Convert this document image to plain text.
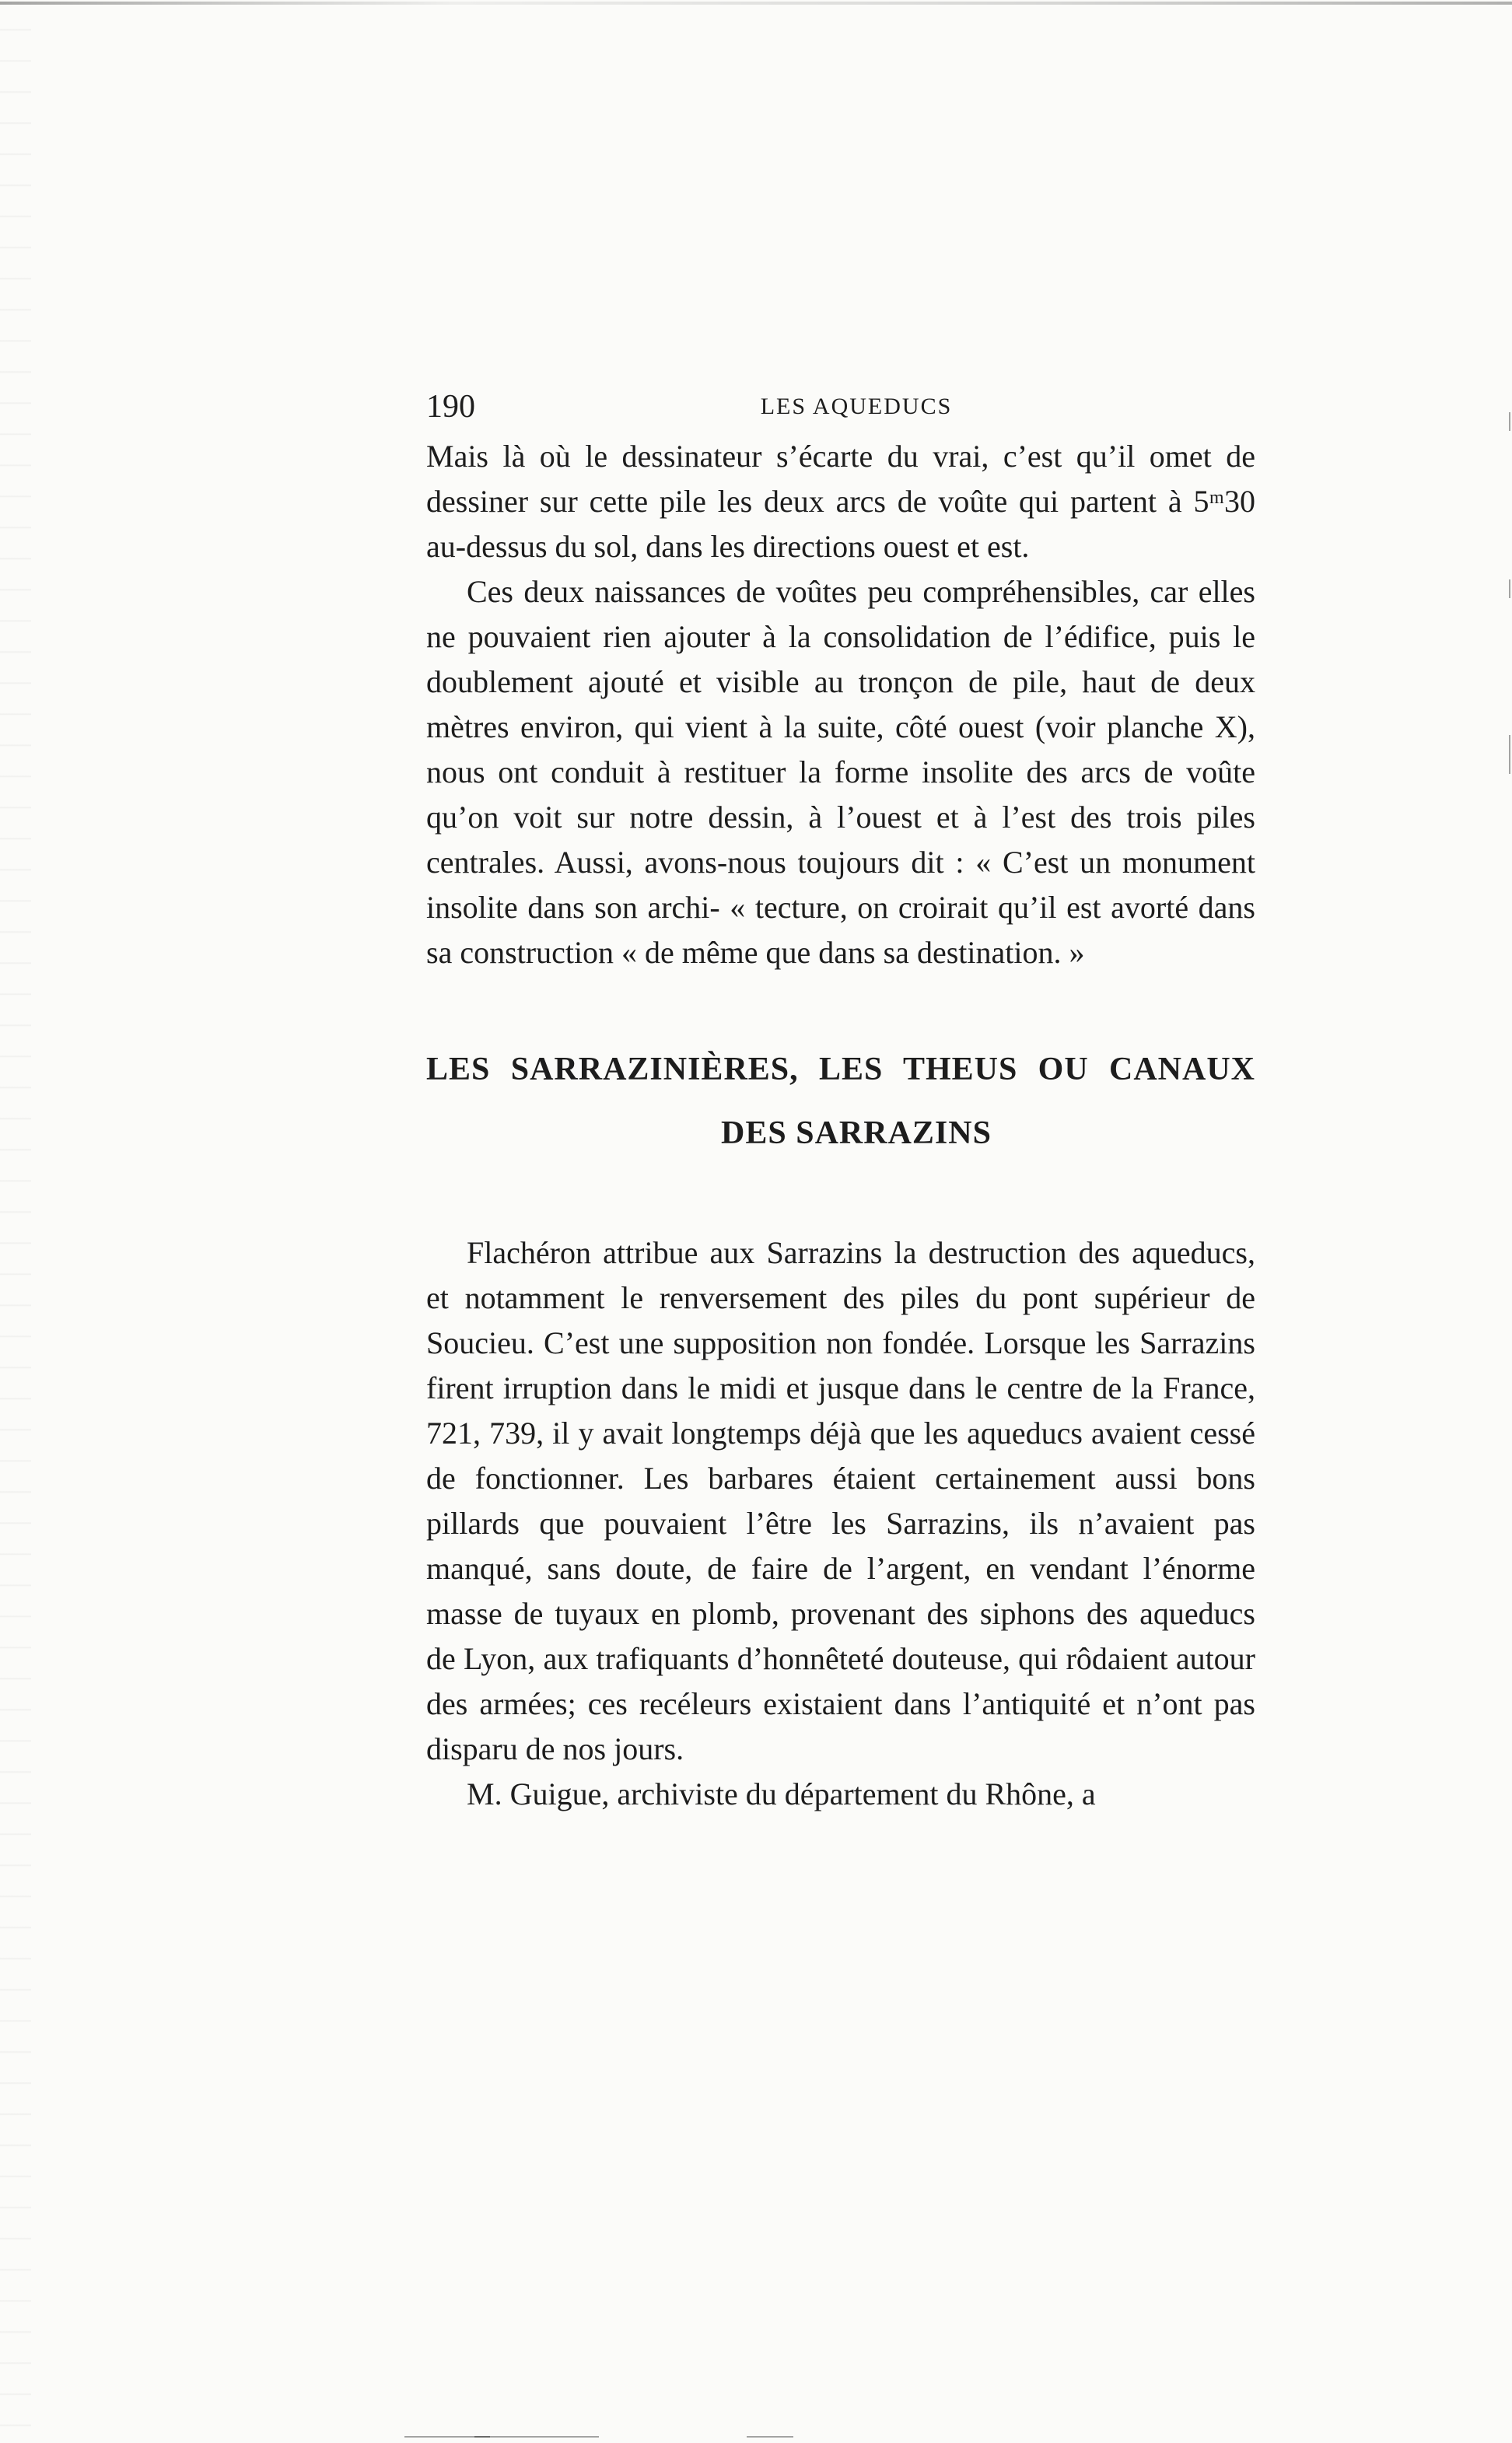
190	LES AQUEDUCS

Mais là où le dessinateur s’écarte du vrai, c’est qu’il omet de dessiner sur cette pile les deux arcs de voûte qui partent à 5ᵐ30 au-dessus du sol, dans les directions ouest et est.

Ces deux naissances de voûtes peu compréhensibles, car elles ne pouvaient rien ajouter à la consolidation de l’édifice, puis le doublement ajouté et visible au tronçon de pile, haut de deux mètres environ, qui vient à la suite, côté ouest (voir planche X), nous ont conduit à restituer la forme insolite des arcs de voûte qu’on voit sur notre dessin, à l’ouest et à l’est des trois piles centrales. Aussi, avons-nous toujours dit : « C’est un monument insolite dans son archi- « tecture, on croirait qu’il est avorté dans sa construction « de même que dans sa destination. »

LES SARRAZINIÈRES, LES THEUS OU CANAUX
DES SARRAZINS

Flachéron attribue aux Sarrazins la destruction des aqueducs, et notamment le renversement des piles du pont supérieur de Soucieu. C’est une supposition non fondée. Lorsque les Sarrazins firent irruption dans le midi et jusque dans le centre de la France, 721, 739, il y avait longtemps déjà que les aqueducs avaient cessé de fonctionner. Les barbares étaient certainement aussi bons pillards que pouvaient l’être les Sarrazins, ils n’avaient pas manqué, sans doute, de faire de l’argent, en vendant l’énorme masse de tuyaux en plomb, provenant des siphons des aqueducs de Lyon, aux trafiquants d’honnêteté douteuse, qui rôdaient autour des armées; ces recéleurs existaient dans l’antiquité et n’ont pas disparu de nos jours.

M. Guigue, archiviste du département du Rhône, a
